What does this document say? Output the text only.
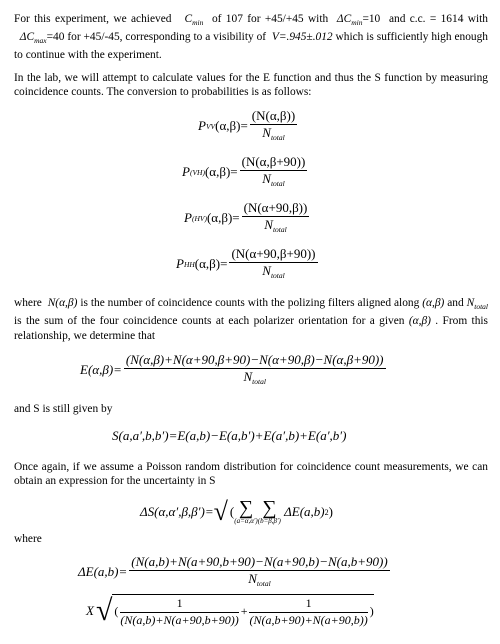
For this experiment, we achieved $C_{min}$ of 107 for +45/+45 with $\Delta C_{min}=10$ and c.c. = 1614 with   $\Delta C_{max}=40$ for +45/-45, corresponding to a visibility of V=.945±.012 which is sufficiently high enough to continue with the experiment.
In the lab, we will attempt to calculate values for the E function and thus the S function by measuring coincidence counts. The conversion to probabilities is as follows:
P VV $(\alpha,\beta)= \frac{(N(\alpha,\beta))}{N_{total}}$
P (VH) $(\alpha,\beta)= \frac{(N(\alpha,\beta+90))}{N_{total}}$
P (HV) $(\alpha,\beta)= \frac{(N(\alpha+90,\beta))}{N_{total}}$
P HH $(\alpha,\beta)= \frac{(N(\alpha+90,\beta+90))}{N_{total}}$
where N(α,β) is the number of coincidence counts with the polizing filters aligned along (α,β) and $N_{total}$ is the sum of the four coincidence counts at each polarizer orientation for a given (α,β) . From this relationship, we determine that
$E(\alpha,\beta)= \frac{(N(\alpha,\beta)+N(\alpha+90,\beta+90)-N(\alpha+90,\beta)-N(\alpha,\beta+90))}{N_{total}}$
and S is still given by
S(a,a′,b,b′)=E(a,b)−E(a,b′)+E(a′,b)+E(a′,b′)
Once again, if we assume a Poisson random distribution for coincidence count measurements, we can obtain an expression for the uncertainty in S
ΔS(α,α′,β,β′)= √ ( ∑
(a=α,α′)
∑
(b=β,β′)

ΔE(a,b) 2 )
where
$\Delta E(a,b)= \frac{(N(a,b)+N(a+90,b+90)-N(a+90,b)-N(a,b+90))}{N_{total}}$
X √ ( $\frac{1}{(N(a,b)+N(a+90,b+90))} + \frac{1}{(N(a,b+90)+N(a+90,b))}$ )
